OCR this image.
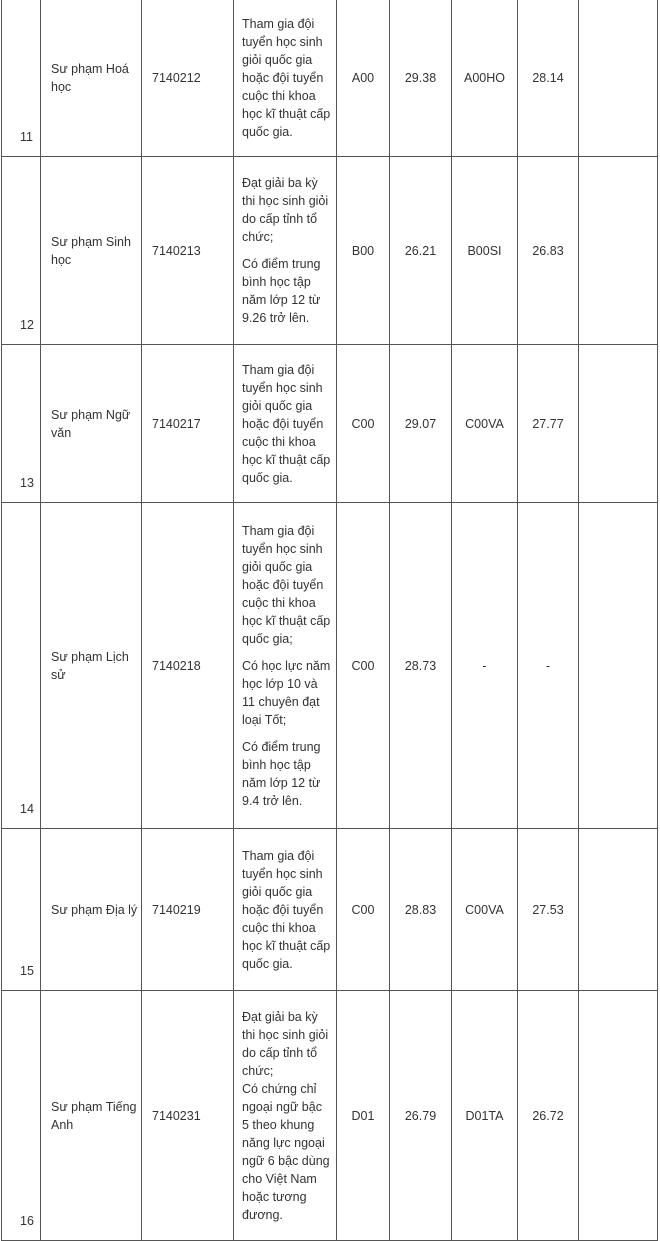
11	Sư phạm Hoá học	7140212	Tham gia đội tuyển học sinh giỏi quốc gia hoặc đội tuyển cuộc thi khoa học kĩ thuật cấp quốc gia.	A00	29.38	A00HO	28.14	
12	Sư phạm Sinh học	7140213	Đạt giải ba kỳ thi học sinh giỏi do cấp tỉnh tổ chức;

Có điểm trung bình học tập năm lớp 12 từ 9.26 trở lên.	B00	26.21	B00SI	26.83	
13	Sư phạm Ngữ văn	7140217	Tham gia đội tuyển học sinh giỏi quốc gia hoặc đội tuyển cuộc thi khoa học kĩ thuật cấp quốc gia.	C00	29.07	C00VA	27.77	
14	Sư phạm Lịch sử	7140218	Tham gia đội tuyển học sinh giỏi quốc gia hoặc đội tuyển cuộc thi khoa học kĩ thuật cấp quốc gia;

Có học lực năm học lớp 10 và 11 chuyên đạt loại Tốt;

Có điểm trung bình học tập năm lớp 12 từ 9.4 trở lên.	C00	28.73	-	-	
15	Sư phạm Địa lý	7140219	Tham gia đội tuyển học sinh giỏi quốc gia hoặc đội tuyển cuộc thi khoa học kĩ thuật cấp quốc gia.	C00	28.83	C00VA	27.53	
16	Sư phạm Tiếng Anh	7140231	Đạt giải ba kỳ thi học sinh giỏi do cấp tỉnh tổ chức;
Có chứng chỉ ngoại ngữ bậc 5 theo khung năng lực ngoại ngữ 6 bậc dùng cho Việt Nam hoặc tương đương.	D01	26.79	D01TA	26.72	
